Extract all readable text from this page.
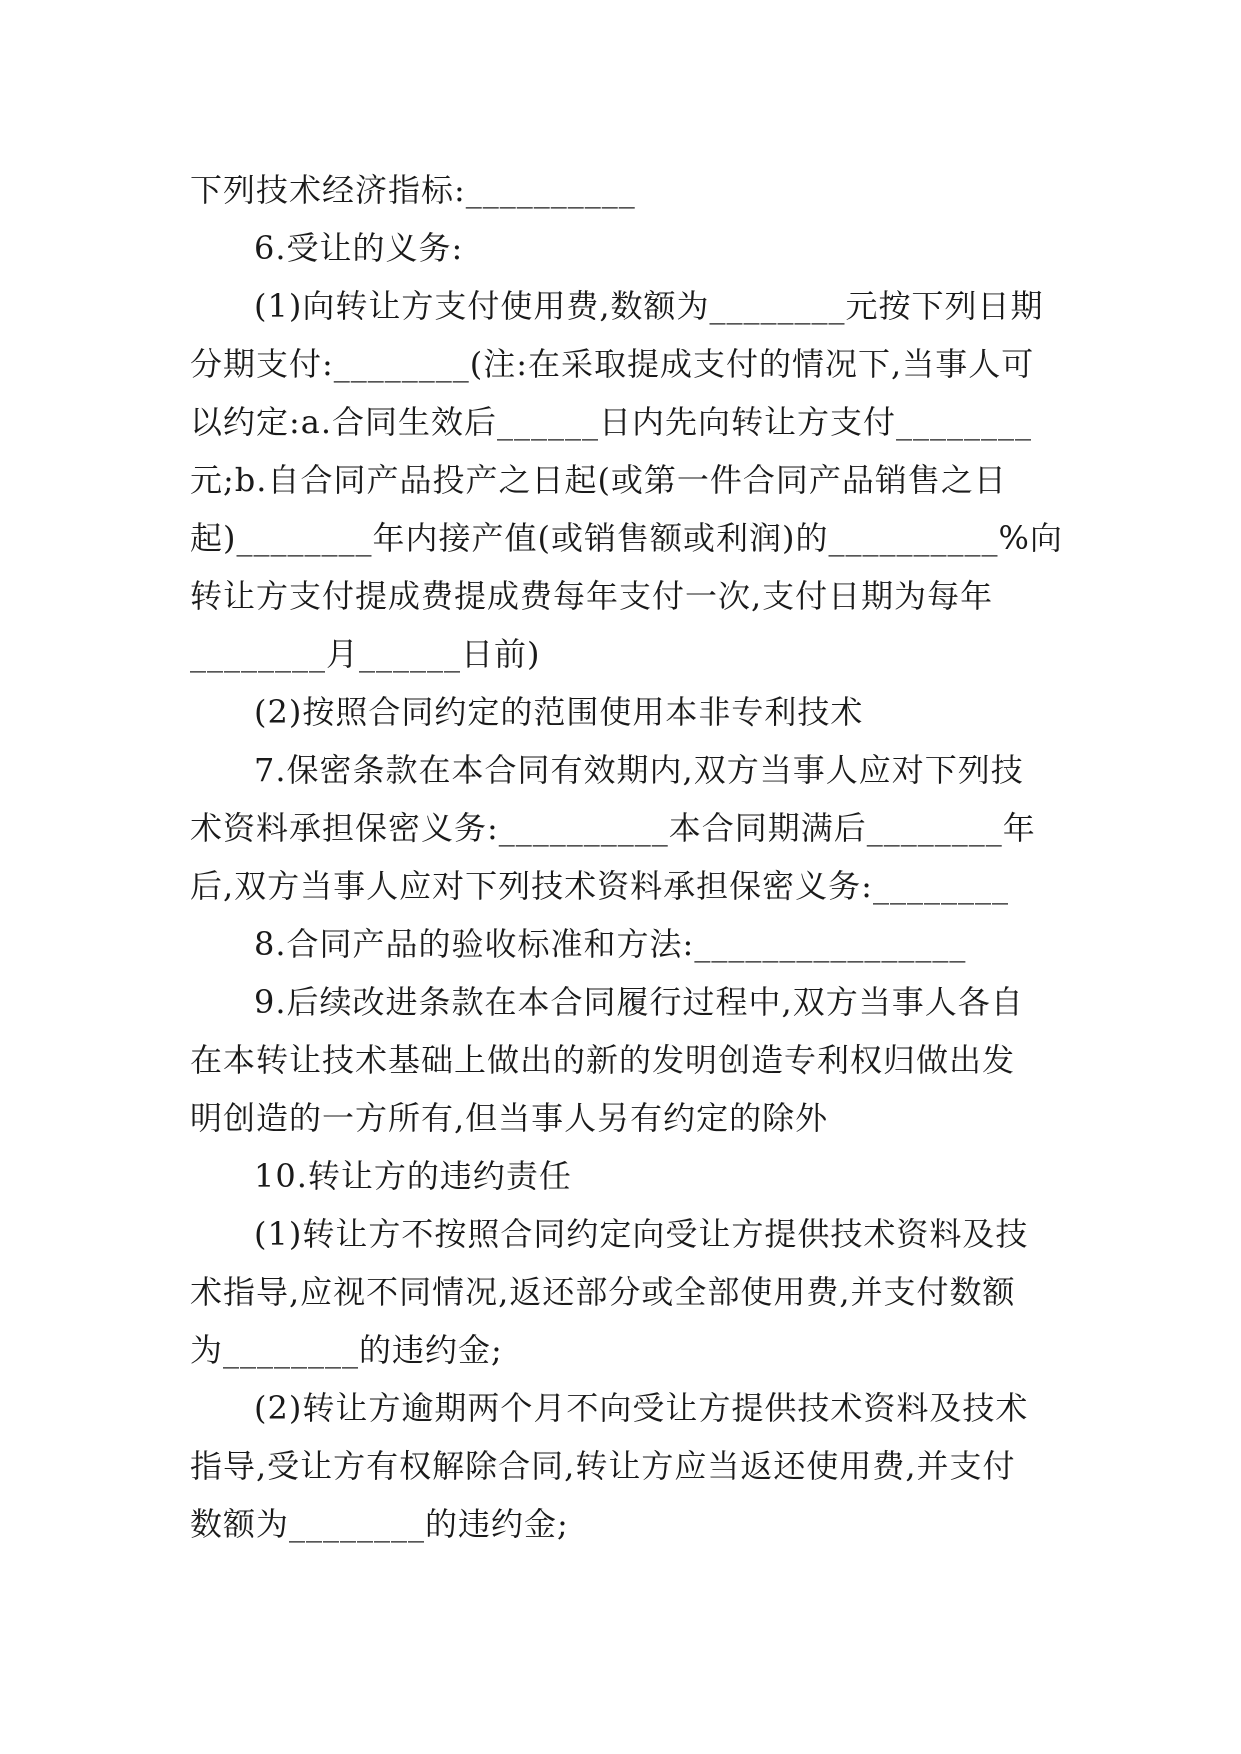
下列技术经济指标:__________
6.受让的义务:
(1)向转让方支付使用费,数额为________元按下列日期
分期支付:________(注:在采取提成支付的情况下,当事人可
以约定:a.合同生效后______日内先向转让方支付________
元;b.自合同产品投产之日起(或第一件合同产品销售之日
起)________年内接产值(或销售额或利润)的__________%向
转让方支付提成费提成费每年支付一次,支付日期为每年
________月______日前)
(2)按照合同约定的范围使用本非专利技术
7.保密条款在本合同有效期内,双方当事人应对下列技
术资料承担保密义务:__________本合同期满后________年
后,双方当事人应对下列技术资料承担保密义务:________
8.合同产品的验收标准和方法:________________
9.后续改进条款在本合同履行过程中,双方当事人各自
在本转让技术基础上做出的新的发明创造专利权归做出发
明创造的一方所有,但当事人另有约定的除外
10.转让方的违约责任
(1)转让方不按照合同约定向受让方提供技术资料及技
术指导,应视不同情况,返还部分或全部使用费,并支付数额
为________的违约金;
(2)转让方逾期两个月不向受让方提供技术资料及技术
指导,受让方有权解除合同,转让方应当返还使用费,并支付
数额为________的违约金;
